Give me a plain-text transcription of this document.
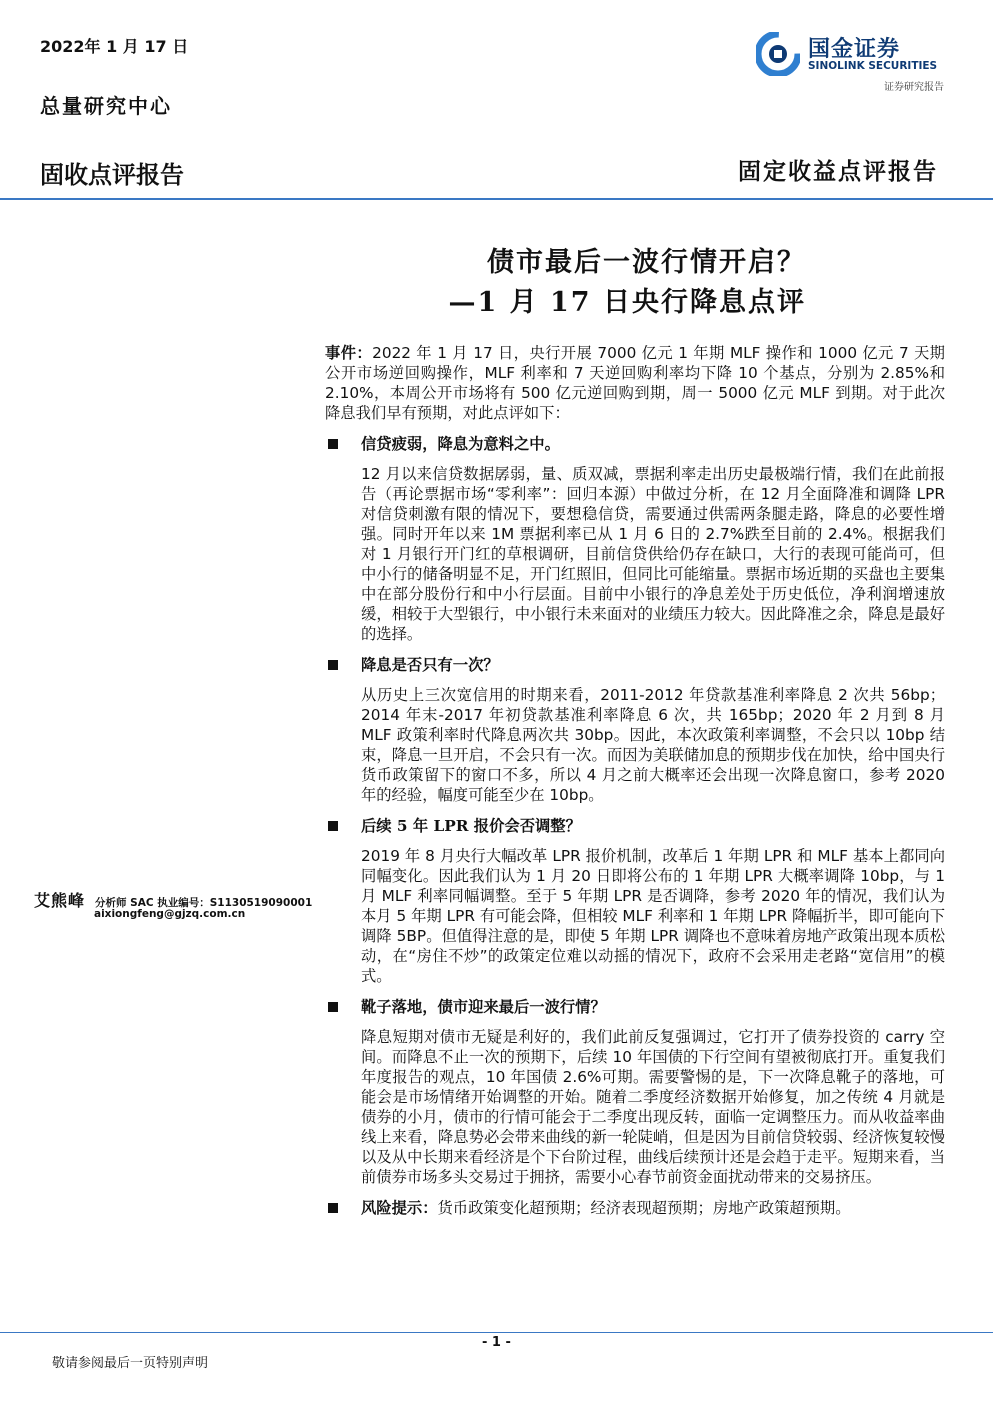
2022年 1 月 17 日
总量研究中心
国金证券
SINOLINK SECURITIES
证券研究报告
固收点评报告	固定收益点评报告
债市最后一波行情开启？
—1 月 17 日央行降息点评

事件：2022 年 1 月 17 日，央行开展 7000 亿元 1 年期 MLF 操作和 1000 亿元 7 天期公开市场逆回购操作，MLF 利率和 7 天逆回购利率均下降 10 个基点，分别为 2.85%和 2.10%，本周公开市场将有 500 亿元逆回购到期，周一 5000 亿元 MLF 到期。对于此次降息我们早有预期，对此点评如下：

信贷疲弱，降息为意料之中。

12 月以来信贷数据孱弱，量、质双减，票据利率走出历史最极端行情，我们在此前报告（再论票据市场“零利率”：回归本源）中做过分析，在 12 月全面降准和调降 LPR 对信贷刺激有限的情况下，要想稳信贷，需要通过供需两条腿走路，降息的必要性增强。同时开年以来 1M 票据利率已从 1 月 6 日的 2.7%跌至目前的 2.4%。根据我们对 1 月银行开门红的草根调研，目前信贷供给仍存在缺口，大行的表现可能尚可，但中小行的储备明显不足，开门红照旧，但同比可能缩量。票据市场近期的买盘也主要集中在部分股份行和中小行层面。目前中小银行的净息差处于历史低位，净利润增速放缓，相较于大型银行，中小银行未来面对的业绩压力较大。因此降准之余，降息是最好的选择。

降息是否只有一次？

从历史上三次宽信用的时期来看，2011-2012 年贷款基准利率降息 2 次共 56bp；2014 年末-2017 年初贷款基准利率降息 6 次，共 165bp；2020 年 2 月到 8 月 MLF 政策利率时代降息两次共 30bp。因此，本次政策利率调整，不会只以 10bp 结束，降息一旦开启，不会只有一次。而因为美联储加息的预期步伐在加快，给中国央行货币政策留下的窗口不多，所以 4 月之前大概率还会出现一次降息窗口，参考 2020 年的经验，幅度可能至少在 10bp。

后续 5 年 LPR 报价会否调整？

2019 年 8 月央行大幅改革 LPR 报价机制，改革后 1 年期 LPR 和 MLF 基本上都同向同幅变化。因此我们认为 1 月 20 日即将公布的 1 年期 LPR 大概率调降 10bp，与 1 月 MLF 利率同幅调整。至于 5 年期 LPR 是否调降，参考 2020 年的情况，我们认为本月 5 年期 LPR 有可能会降，但相较 MLF 利率和 1 年期 LPR 降幅折半，即可能向下调降 5BP。但值得注意的是，即使 5 年期 LPR 调降也不意味着房地产政策出现本质松动，在“房住不炒”的政策定位难以动摇的情况下，政府不会采用走老路“宽信用”的模式。

靴子落地，债市迎来最后一波行情？

降息短期对债市无疑是利好的，我们此前反复强调过，它打开了债券投资的 carry 空间。而降息不止一次的预期下，后续 10 年国债的下行空间有望被彻底打开。重复我们年度报告的观点，10 年国债 2.6%可期。需要警惕的是，下一次降息靴子的落地，可能会是市场情绪开始调整的开始。随着二季度经济数据开始修复，加之传统 4 月就是债券的小月，债市的行情可能会于二季度出现反转，面临一定调整压力。而从收益率曲线上来看，降息势必会带来曲线的新一轮陡峭，但是因为目前信贷较弱、经济恢复较慢以及从中长期来看经济是个下台阶过程，曲线后续预计还是会趋于走平。短期来看，当前债券市场多头交易过于拥挤，需要小心春节前资金面扰动带来的交易挤压。

风险提示：货币政策变化超预期；经济表现超预期；房地产政策超预期。
艾熊峰 分析师 SAC 执业编号：S1130519090001
aixiongfeng@gjzq.com.cn
- 1 -
敬请参阅最后一页特别声明
